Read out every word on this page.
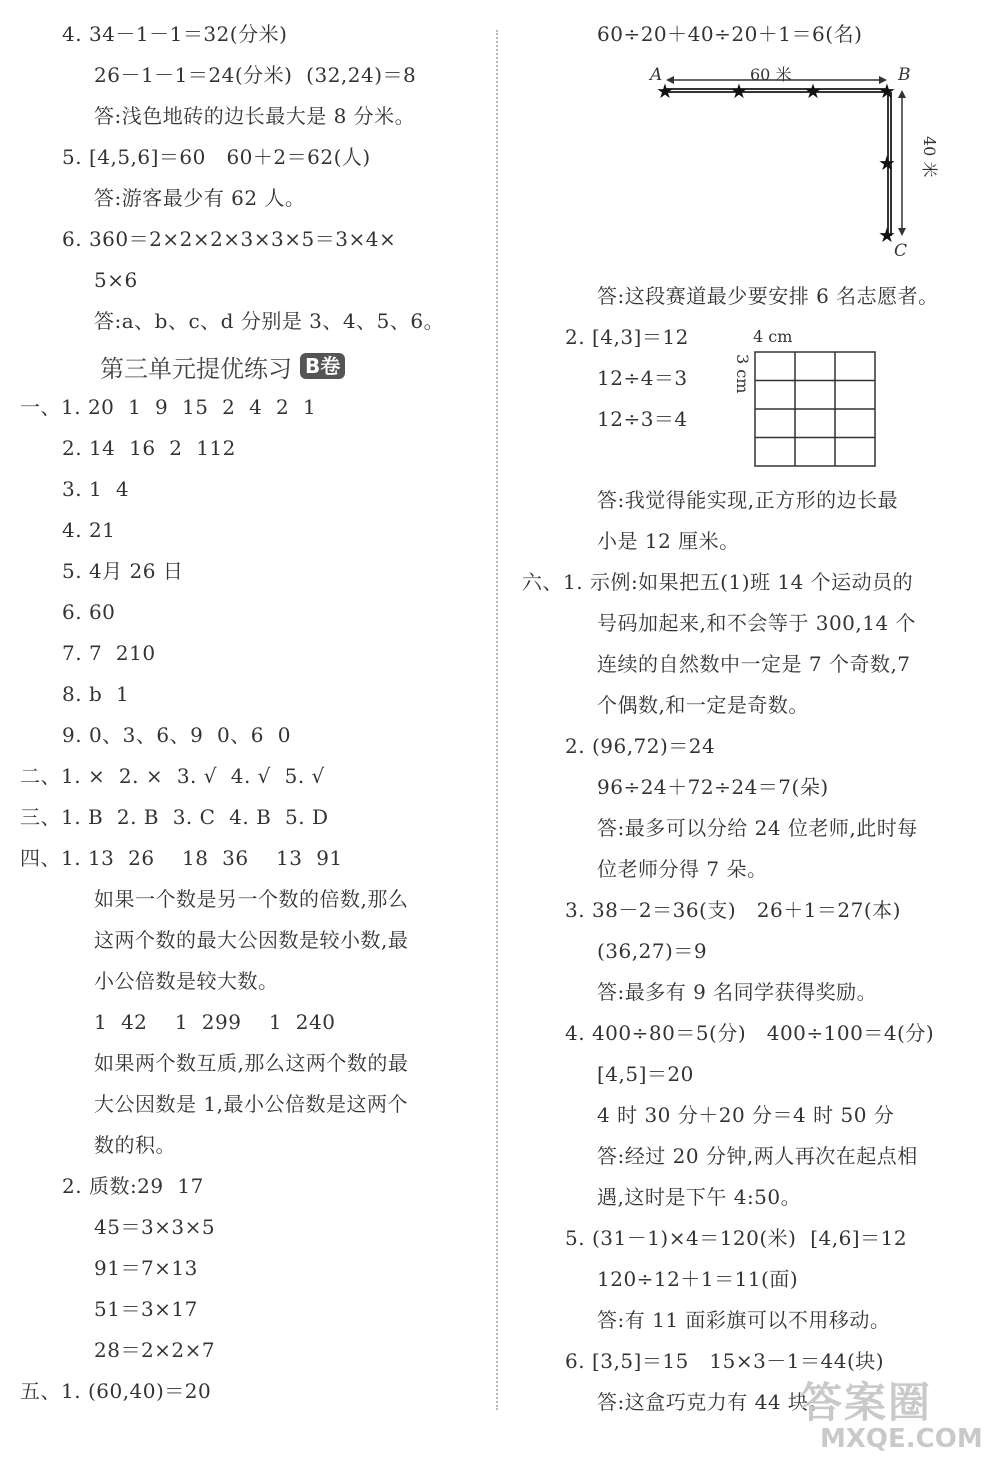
4. 34－1－1＝32(分米)
26－1－1＝24(分米)  (32,24)＝8
答:浅色地砖的边长最大是 8 分米。
5. [4,5,6]＝60   60＋2＝62(人)
答:游客最少有 62 人。
6. 360＝2×2×2×3×3×5＝3×4×
5×6
答:a、b、c、d 分别是 3、4、5、6。
第三单元提优练习 B卷
一、1. 20  1  9  15  2  4  2  1
2. 14  16  2  112
3. 1  4
4. 21
5. 4月 26 日
6. 60
7. 7  210
8. b  1
9. 0、3、6、9  0、6  0
二、1. ×  2. ×  3. √  4. √  5. √
三、1. B  2. B  3. C  4. B  5. D
四、1. 13  26    18  36    13  91
如果一个数是另一个数的倍数,那么
这两个数的最大公因数是较小数,最
小公倍数是较大数。
1  42    1  299    1  240
如果两个数互质,那么这两个数的最
大公因数是 1,最小公倍数是这两个
数的积。
2. 质数:29  17
45＝3×3×5
91＝7×13
51＝3×17
28＝2×2×7
五、1. (60,40)＝20
60÷20＋40÷20＋1＝6(名)
★	★	★	★
★
★
A	B
C
60 米
40 米
答:这段赛道最少要安排 6 名志愿者。
2. [4,3]＝12
12÷4＝3
12÷3＝4
4 cm
3 cm
答:我觉得能实现,正方形的边长最
小是 12 厘米。
六、1. 示例:如果把五(1)班 14 个运动员的
号码加起来,和不会等于 300,14 个
连续的自然数中一定是 7 个奇数,7
个偶数,和一定是奇数。
2. (96,72)＝24
96÷24＋72÷24＝7(朵)
答:最多可以分给 24 位老师,此时每
位老师分得 7 朵。
3. 38－2＝36(支)   26＋1＝27(本)
(36,27)＝9
答:最多有 9 名同学获得奖励。
4. 400÷80＝5(分)   400÷100＝4(分)
[4,5]＝20
4 时 30 分＋20 分＝4 时 50 分
答:经过 20 分钟,两人再次在起点相
遇,这时是下午 4:50。
5. (31－1)×4＝120(米)  [4,6]＝12
120÷12＋1＝11(面)
答:有 11 面彩旗可以不用移动。
6. [3,5]＝15   15×3－1＝44(块)
答:这盒巧克力有 44 块。
答案圈
MXQE.COM
